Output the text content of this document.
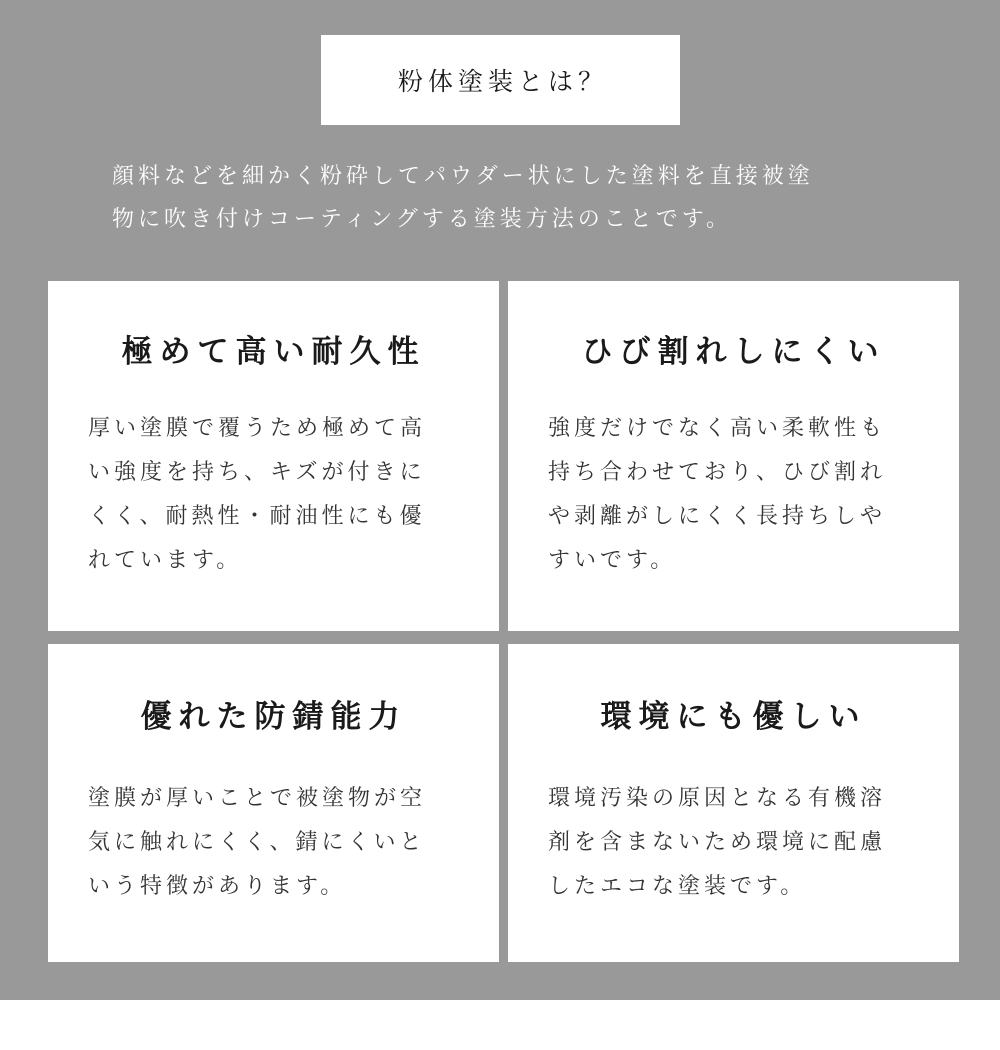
粉体塗装とは？
顔料などを細かく粉砕してパウダー状にした塗料を直接被塗
物に吹き付けコーティングする塗装方法のことです。
極めて高い耐久性
厚い塗膜で覆うため極めて高
い強度を持ち、キズが付きに
くく、耐熱性・耐油性にも優
れています。
ひび割れしにくい
強度だけでなく高い柔軟性も
持ち合わせており、ひび割れ
や剥離がしにくく長持ちしや
すいです。
優れた防錆能力
塗膜が厚いことで被塗物が空
気に触れにくく、錆にくいと
いう特徴があります。
環境にも優しい
環境汚染の原因となる有機溶
剤を含まないため環境に配慮
したエコな塗装です。
